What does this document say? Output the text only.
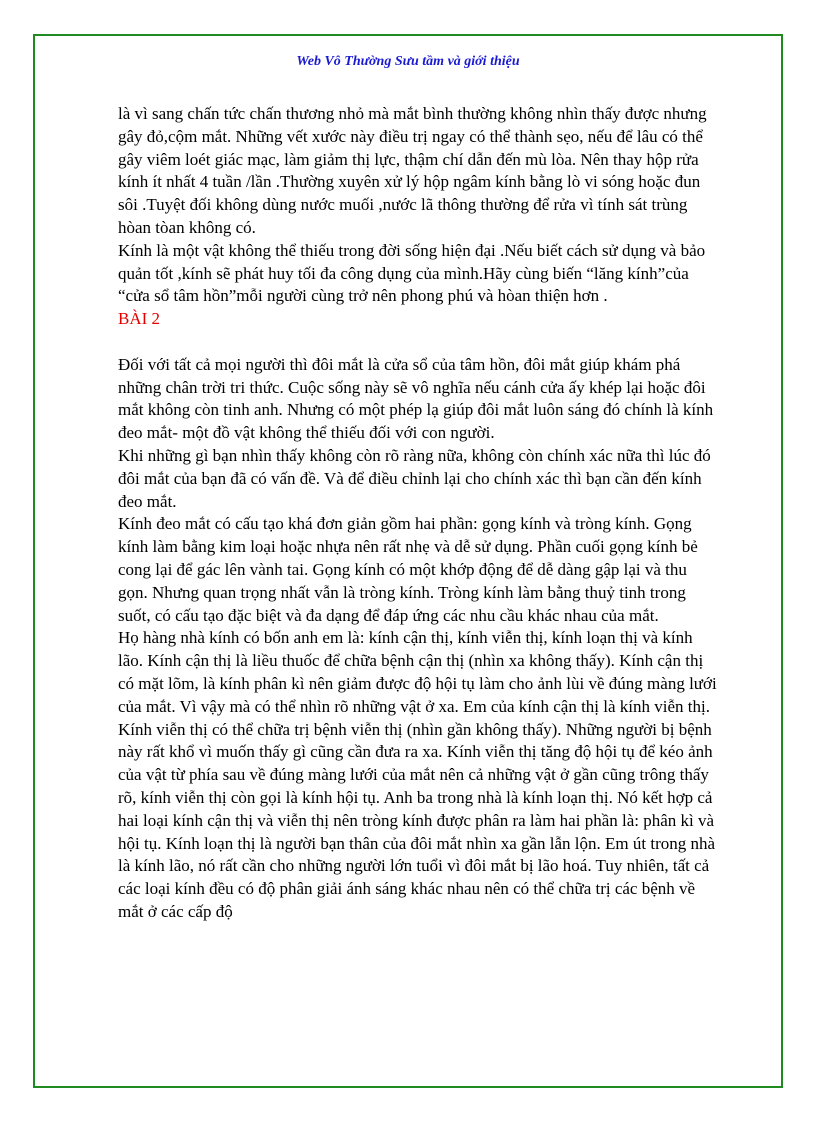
Web Vô Thường Sưu tầm và giới thiệu

là vì sang chấn tức chấn thương nhỏ mà mắt bình thường không nhìn thấy được nhưng gây đỏ,cộm mắt. Những vết xước này điều trị ngay có thể thành sẹo, nếu để lâu có thể gây viêm loét giác mạc, làm giảm thị lực, thậm chí dẫn đến mù lòa. Nên thay hộp rửa kính ít nhất 4 tuần /lần .Thường xuyên xử lý hộp ngâm kính bằng lò vi sóng hoặc đun sôi .Tuyệt đối không dùng nước muối ,nước lã thông thường để rửa vì tính sát trùng hòan tòan không có.

Kính là một vật không thể thiếu trong đời sống hiện đại .Nếu biết cách sử dụng và bảo quản tốt ,kính sẽ phát huy tối đa công dụng của mình.Hãy cùng biến “lăng kính”của “cửa sổ tâm hồn”mỗi người cùng trở nên phong phú và hòan thiện hơn .

BÀI 2

Đối với tất cả mọi người thì đôi mắt là cửa sổ của tâm hồn, đôi mắt giúp khám phá những chân trời tri thức. Cuộc sống này sẽ vô nghĩa nếu cánh cửa ấy khép lại hoặc đôi mắt không còn tinh anh. Nhưng có một phép lạ giúp đôi mắt luôn sáng đó chính là kính đeo mắt- một đồ vật không thể thiếu đối với con người.

Khi những gì bạn nhìn thấy không còn rõ ràng nữa, không còn chính xác nữa thì lúc đó đôi mắt của bạn đã có vấn đề. Và để điều chỉnh lại cho chính xác thì bạn cần đến kính đeo mắt.

Kính đeo mắt có cấu tạo khá đơn giản gồm hai phần: gọng kính và tròng kính. Gọng kính làm bằng kim loại hoặc nhựa nên rất nhẹ và dễ sử dụng. Phần cuối gọng kính bẻ cong lại để gác lên vành tai. Gọng kính có một khớp động để dễ dàng gập lại và thu gọn. Nhưng quan trọng nhất vẫn là tròng kính. Tròng kính làm bằng thuỷ tinh trong suốt, có cấu tạo đặc biệt và đa dạng để đáp ứng các nhu cầu khác nhau của mắt.

Họ hàng nhà kính có bốn anh em là: kính cận thị, kính viễn thị, kính loạn thị và kính lão. Kính cận thị là liều thuốc để chữa bệnh cận thị (nhìn xa không thấy). Kính cận thị có mặt lõm, là kính phân kì nên giảm được độ hội tụ làm cho ảnh lùi về đúng màng lưới của mắt. Vì vậy mà có thể nhìn rõ những vật ở xa. Em của kính cận thị là kính viễn thị. Kính viễn thị có thể chữa trị bệnh viễn thị (nhìn gần không thấy). Những người bị bệnh này rất khổ vì muốn thấy gì cũng cần đưa ra xa. Kính viễn thị tăng độ hội tụ để kéo ảnh của vật từ phía sau về đúng màng lưới của mắt nên cả những vật ở gần cũng trông thấy rõ, kính viễn thị còn gọi là kính hội tụ. Anh ba trong nhà là kính loạn thị. Nó kết hợp cả hai loại kính cận thị và viễn thị nên tròng kính được phân ra làm hai phần là: phân kì và hội tụ. Kính loạn thị là người bạn thân của đôi mắt nhìn xa gần lẫn lộn. Em út trong nhà là kính lão, nó rất cần cho những người lớn tuổi vì đôi mắt bị lão hoá. Tuy nhiên, tất cả các loại kính đều có độ phân giải ánh sáng khác nhau nên có thể chữa trị các bệnh về mắt ở các cấp độ
